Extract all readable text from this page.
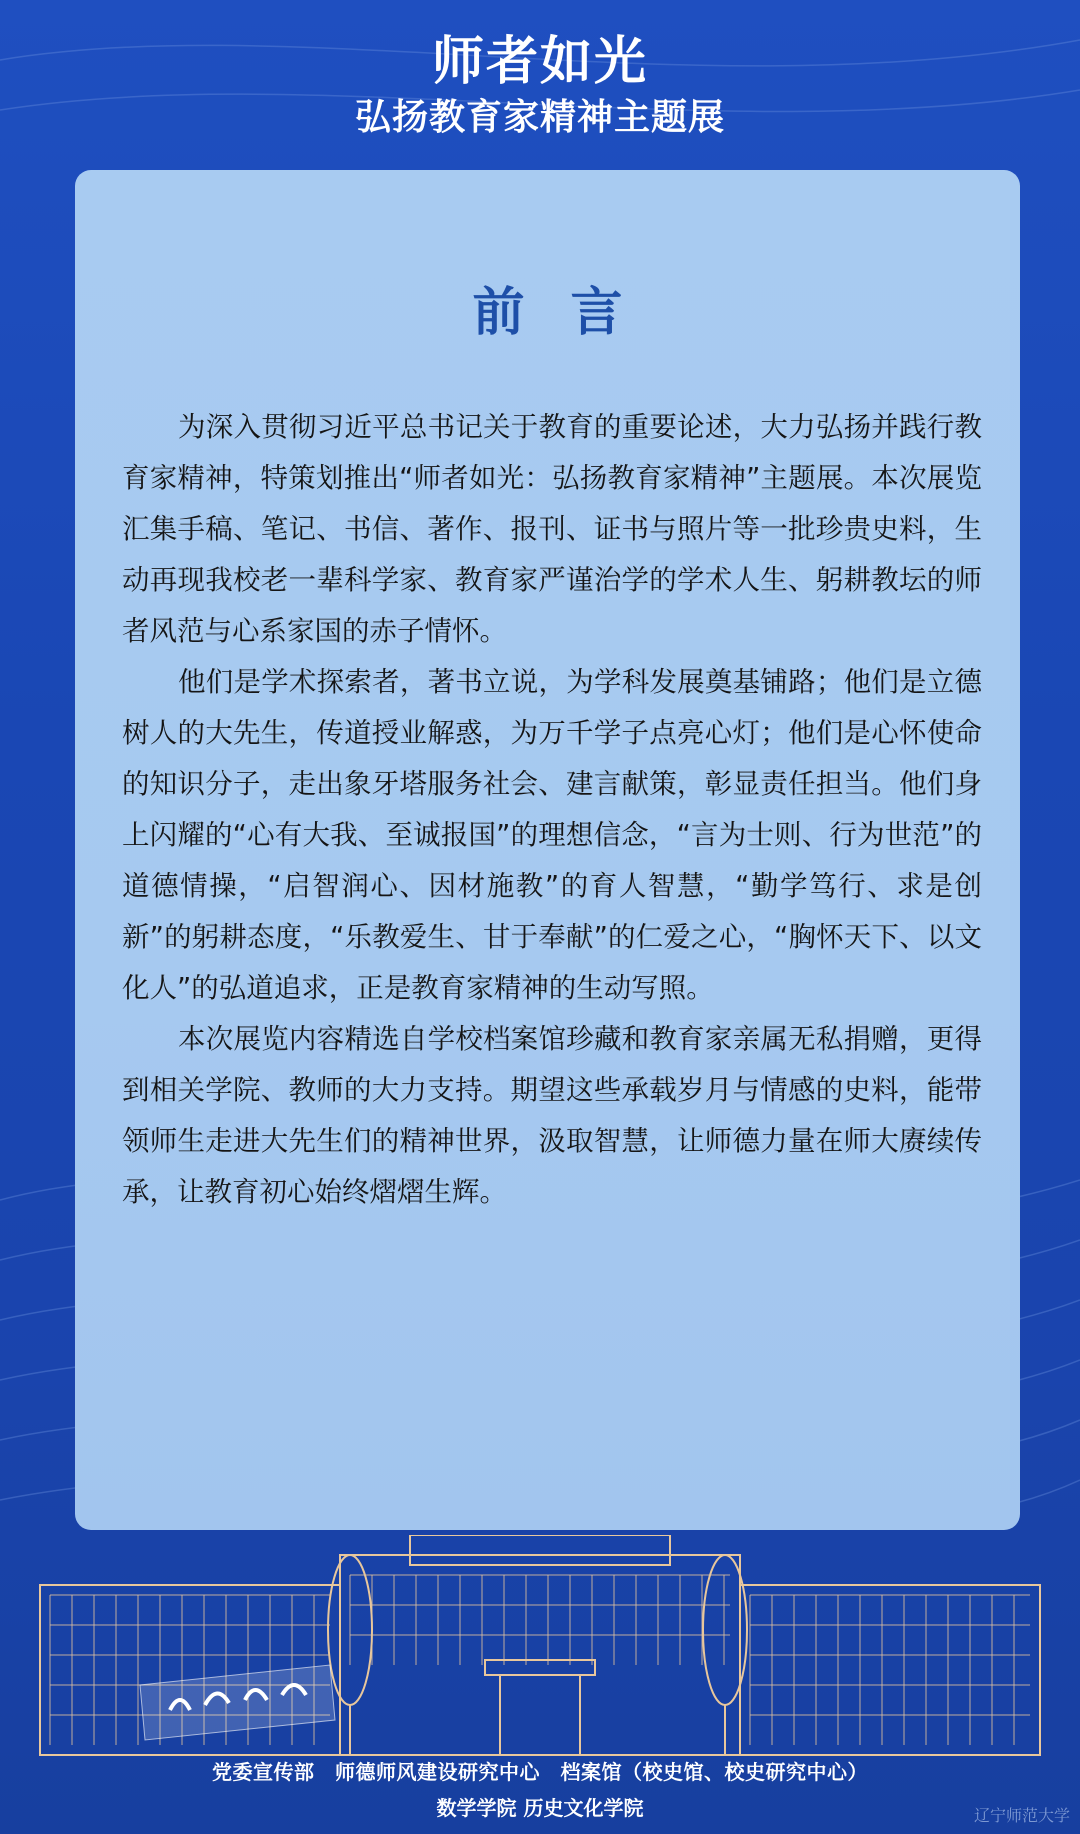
师者如光
弘扬教育家精神主题展
前言

为深入贯彻习近平总书记关于教育的重要论述，大力弘扬并践行教育家精神，特策划推出“师者如光：弘扬教育家精神”主题展。本次展览汇集手稿、笔记、书信、著作、报刊、证书与照片等一批珍贵史料，生动再现我校老一辈科学家、教育家严谨治学的学术人生、躬耕教坛的师者风范与心系家国的赤子情怀。

他们是学术探索者，著书立说，为学科发展奠基铺路；他们是立德树人的大先生，传道授业解惑，为万千学子点亮心灯；他们是心怀使命的知识分子，走出象牙塔服务社会、建言献策，彰显责任担当。他们身上闪耀的“心有大我、至诚报国”的理想信念，“言为士则、行为世范”的道德情操，“启智润心、因材施教”的育人智慧，“勤学笃行、求是创新”的躬耕态度，“乐教爱生、甘于奉献”的仁爱之心，“胸怀天下、以文化人”的弘道追求，正是教育家精神的生动写照。

本次展览内容精选自学校档案馆珍藏和教育家亲属无私捐赠，更得到相关学院、教师的大力支持。期望这些承载岁月与情感的史料，能带领师生走进大先生们的精神世界，汲取智慧，让师德力量在师大赓续传承，让教育初心始终熠熠生辉。

党委宣传部　师德师风建设研究中心　档案馆（校史馆、校史研究中心）
数学学院 历史文化学院	辽宁师范大学
